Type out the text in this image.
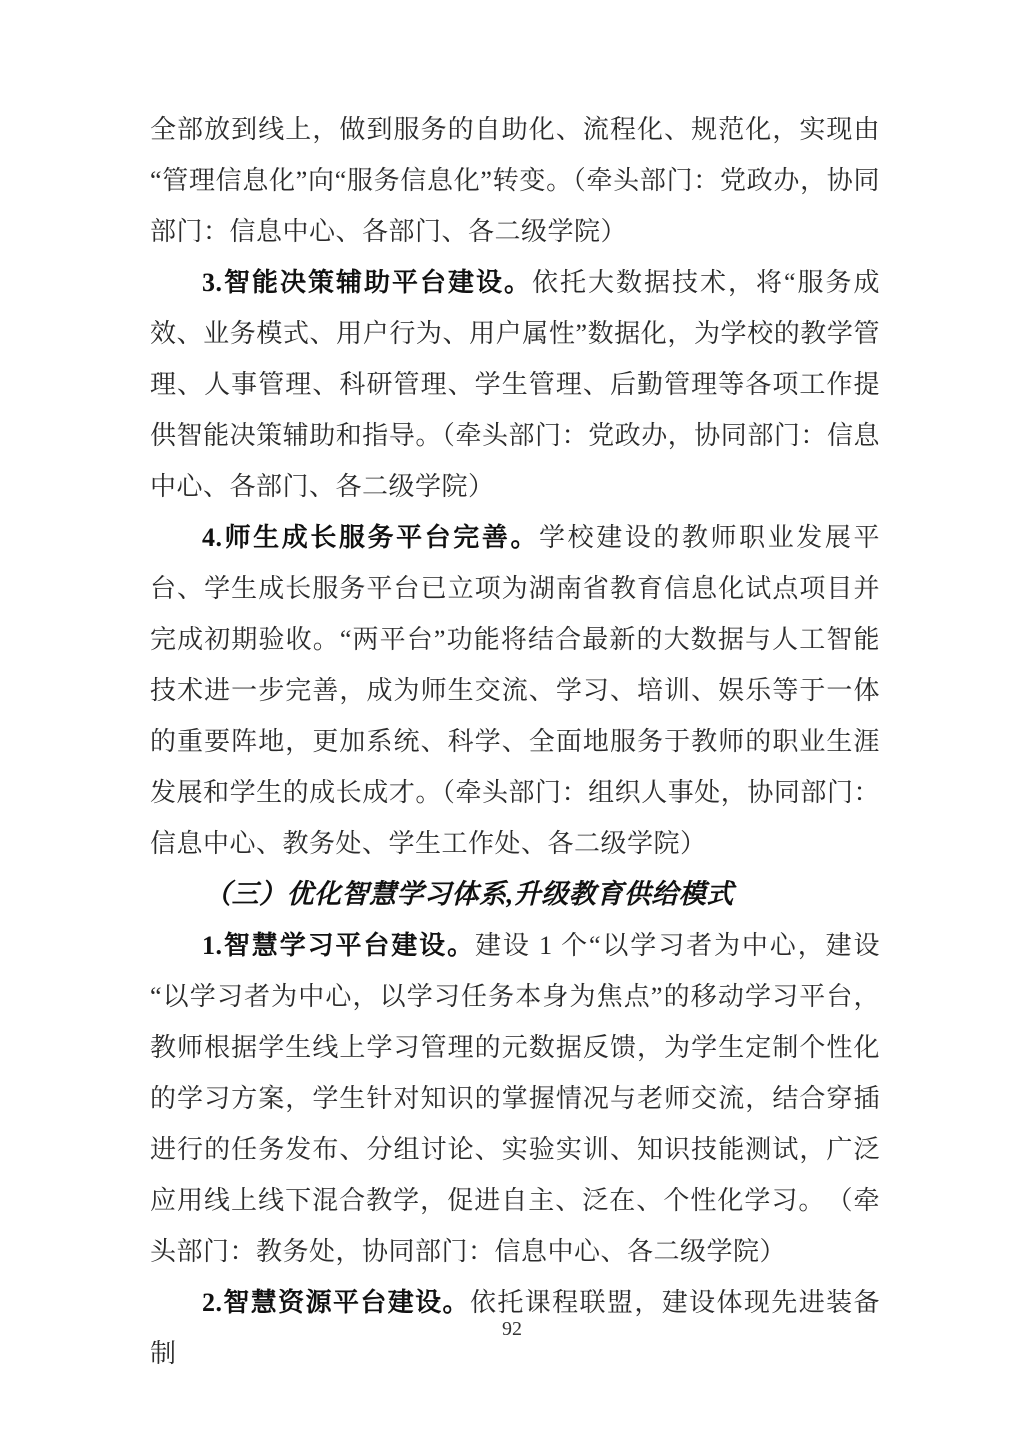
全部放到线上，做到服务的自助化、流程化、规范化，实现由“管理信息化”向“服务信息化”转变。（牵头部门：党政办，协同部门：信息中心、各部门、各二级学院）

3.智能决策辅助平台建设。依托大数据技术，将“服务成效、业务模式、用户行为、用户属性”数据化，为学校的教学管理、人事管理、科研管理、学生管理、后勤管理等各项工作提供智能决策辅助和指导。（牵头部门：党政办，协同部门：信息中心、各部门、各二级学院）

4.师生成长服务平台完善。学校建设的教师职业发展平台、学生成长服务平台已立项为湖南省教育信息化试点项目并完成初期验收。“两平台”功能将结合最新的大数据与人工智能技术进一步完善，成为师生交流、学习、培训、娱乐等于一体的重要阵地，更加系统、科学、全面地服务于教师的职业生涯发展和学生的成长成才。（牵头部门：组织人事处，协同部门：信息中心、教务处、学生工作处、各二级学院）

（三）优化智慧学习体系,升级教育供给模式

1.智慧学习平台建设。建设 1 个“以学习者为中心，建设“以学习者为中心，以学习任务本身为焦点”的移动学习平台，教师根据学生线上学习管理的元数据反馈，为学生定制个性化的学习方案，学生针对知识的掌握情况与老师交流，结合穿插进行的任务发布、分组讨论、实验实训、知识技能测试，广泛应用线上线下混合教学，促进自主、泛在、个性化学习。　（牵头部门：教务处，协同部门：信息中心、各二级学院）

2.智慧资源平台建设。依托课程联盟，建设体现先进装备制

92
